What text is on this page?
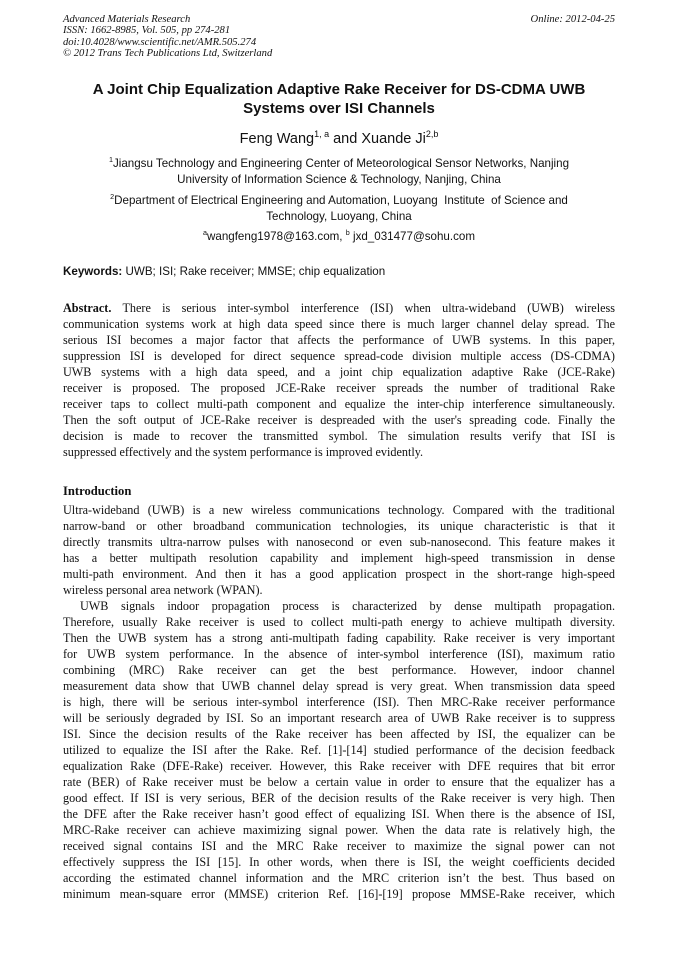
Advanced Materials Research
ISSN: 1662-8985, Vol. 505, pp 274-281
doi:10.4028/www.scientific.net/AMR.505.274
© 2012 Trans Tech Publications Ltd, Switzerland
Online: 2012-04-25
A Joint Chip Equalization Adaptive Rake Receiver for DS-CDMA UWB
Systems over ISI Channels
Feng Wang$^{1, a}$ and Xuande Ji$^{2,b}$
$^1$Jiangsu Technology and Engineering Center of Meteorological Sensor Networks, Nanjing
University of Information Science & Technology, Nanjing, China
$^2$Department of Electrical Engineering and Automation, Luoyang  Institute  of Science and
Technology, Luoyang, China
$^a$wangfeng1978@163.com, $^b$ jxd_031477@sohu.com
Keywords: UWB; ISI; Rake receiver; MMSE; chip equalization
Abstract. There is serious inter-symbol interference (ISI) when ultra-wideband (UWB) wireless
communication systems work at high data speed since there is much larger channel delay spread. The
serious ISI becomes a major factor that affects the performance of UWB systems. In this paper,
suppression ISI is developed for direct sequence spread-code division multiple access (DS-CDMA)
UWB systems with a high data speed, and a joint chip equalization adaptive Rake (JCE-Rake)
receiver is proposed. The proposed JCE-Rake receiver spreads the number of traditional Rake
receiver taps to collect multi-path component and equalize the inter-chip interference simultaneously.
Then the soft output of JCE-Rake receiver is despreaded with the user's spreading code. Finally the
decision is made to recover the transmitted symbol. The simulation results verify that ISI is
suppressed effectively and the system performance is improved evidently.
Introduction
Ultra-wideband (UWB) is a new wireless communications technology. Compared with the traditional
narrow-band or other broadband communication technologies, its unique characteristic is that it
directly transmits ultra-narrow pulses with nanosecond or even sub-nanosecond. This feature makes it
has a better multipath resolution capability and implement high-speed transmission in dense
multi-path environment. And then it has a good application prospect in the short-range high-speed
wireless personal area network (WPAN).
UWB signals indoor propagation process is characterized by dense multipath propagation.
Therefore, usually Rake receiver is used to collect multi-path energy to achieve multipath diversity.
Then the UWB system has a strong anti-multipath fading capability. Rake receiver is very important
for UWB system performance. In the absence of inter-symbol interference (ISI), maximum ratio
combining (MRC) Rake receiver can get the best performance. However, indoor channel
measurement data show that UWB channel delay spread is very great. When transmission data speed
is high, there will be serious inter-symbol interference (ISI). Then MRC-Rake receiver performance
will be seriously degraded by ISI. So an important research area of UWB Rake receiver is to suppress
ISI. Since the decision results of the Rake receiver has been affected by ISI, the equalizer can be
utilized to equalize the ISI after the Rake. Ref. [1]-[14] studied performance of the decision feedback
equalization Rake (DFE-Rake) receiver. However, this Rake receiver with DFE requires that bit error
rate (BER) of Rake receiver must be below a certain value in order to ensure that the equalizer has a
good effect. If ISI is very serious, BER of the decision results of the Rake receiver is very high. Then
the DFE after the Rake receiver hasn’t good effect of equalizing ISI. When there is the absence of ISI,
MRC-Rake receiver can achieve maximizing signal power. When the data rate is relatively high, the
received signal contains ISI and the MRC Rake receiver to maximize the signal power can not
effectively suppress the ISI [15]. In other words, when there is ISI, the weight coefficients decided
according the estimated channel information and the MRC criterion isn’t the best. Thus based on
minimum mean-square error (MMSE) criterion Ref. [16]-[19] propose MMSE-Rake receiver, which
